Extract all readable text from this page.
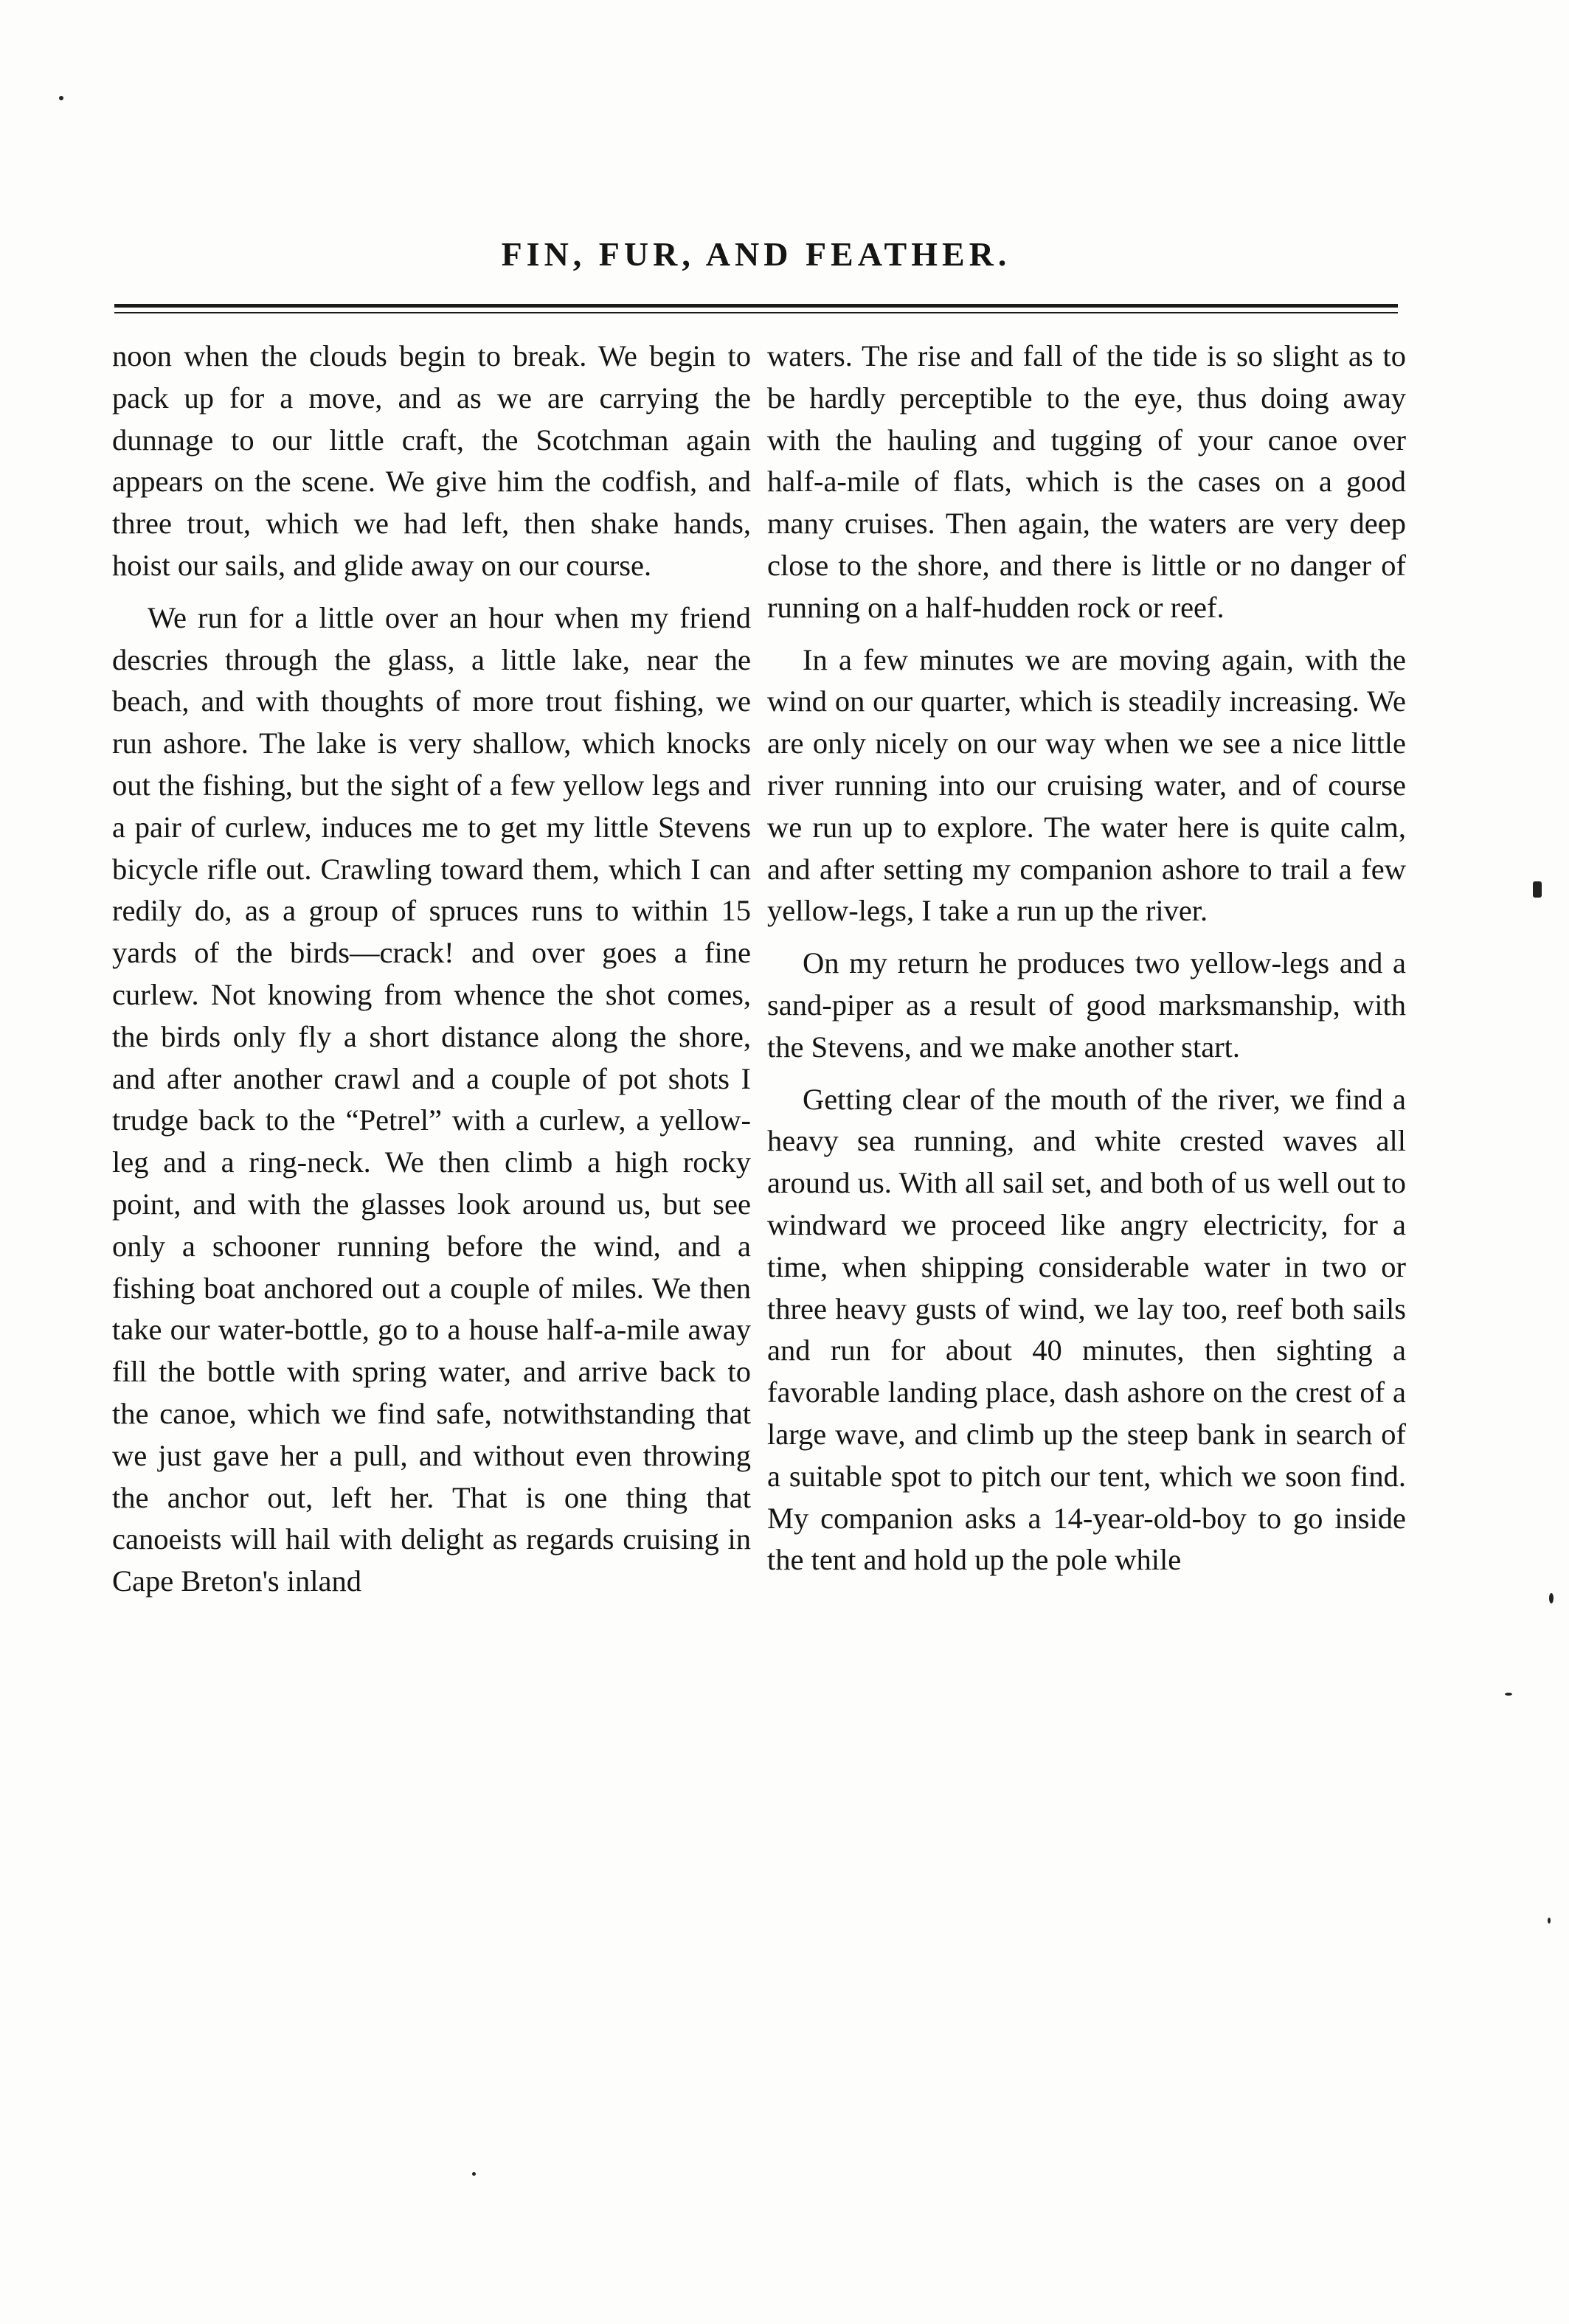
FIN, FUR, AND FEATHER.

noon when the clouds begin to break. We begin to pack up for a move, and as we are carrying the dunnage to our little craft, the Scotchman again appears on the scene. We give him the codfish, and three trout, which we had left, then shake hands, hoist our sails, and glide away on our course.

We run for a little over an hour when my friend descries through the glass, a little lake, near the beach, and with thoughts of more trout fishing, we run ashore. The lake is very shallow, which knocks out the fishing, but the sight of a few yellow legs and a pair of curlew, induces me to get my little Stevens bicycle rifle out. Crawling toward them, which I can redily do, as a group of spruces runs to within 15 yards of the birds—crack! and over goes a fine curlew. Not knowing from whence the shot comes, the birds only fly a short distance along the shore, and after another crawl and a couple of pot shots I trudge back to the “Petrel” with a curlew, a yellow-leg and a ring-neck. We then climb a high rocky point, and with the glasses look around us, but see only a schooner running before the wind, and a fishing boat anchored out a couple of miles. We then take our water-bottle, go to a house half-a-mile away fill the bottle with spring water, and arrive back to the canoe, which we find safe, notwithstanding that we just gave her a pull, and without even throwing the anchor out, left her. That is one thing that canoeists will hail with delight as regards cruising in Cape Breton's inland

waters. The rise and fall of the tide is so slight as to be hardly perceptible to the eye, thus doing away with the hauling and tugging of your canoe over half-a-mile of flats, which is the cases on a good many cruises. Then again, the waters are very deep close to the shore, and there is little or no danger of running on a half-hudden rock or reef.

In a few minutes we are moving again, with the wind on our quarter, which is steadily increasing. We are only nicely on our way when we see a nice little river running into our cruising water, and of course we run up to explore. The water here is quite calm, and after setting my companion ashore to trail a few yellow-legs, I take a run up the river.

On my return he produces two yellow-legs and a sand-piper as a result of good marksmanship, with the Stevens, and we make another start.

Getting clear of the mouth of the river, we find a heavy sea running, and white crested waves all around us. With all sail set, and both of us well out to windward we proceed like angry electricity, for a time, when shipping considerable water in two or three heavy gusts of wind, we lay too, reef both sails and run for about 40 minutes, then sighting a favorable landing place, dash ashore on the crest of a large wave, and climb up the steep bank in search of a suitable spot to pitch our tent, which we soon find. My companion asks a 14-year-old-boy to go inside the tent and hold up the pole while
